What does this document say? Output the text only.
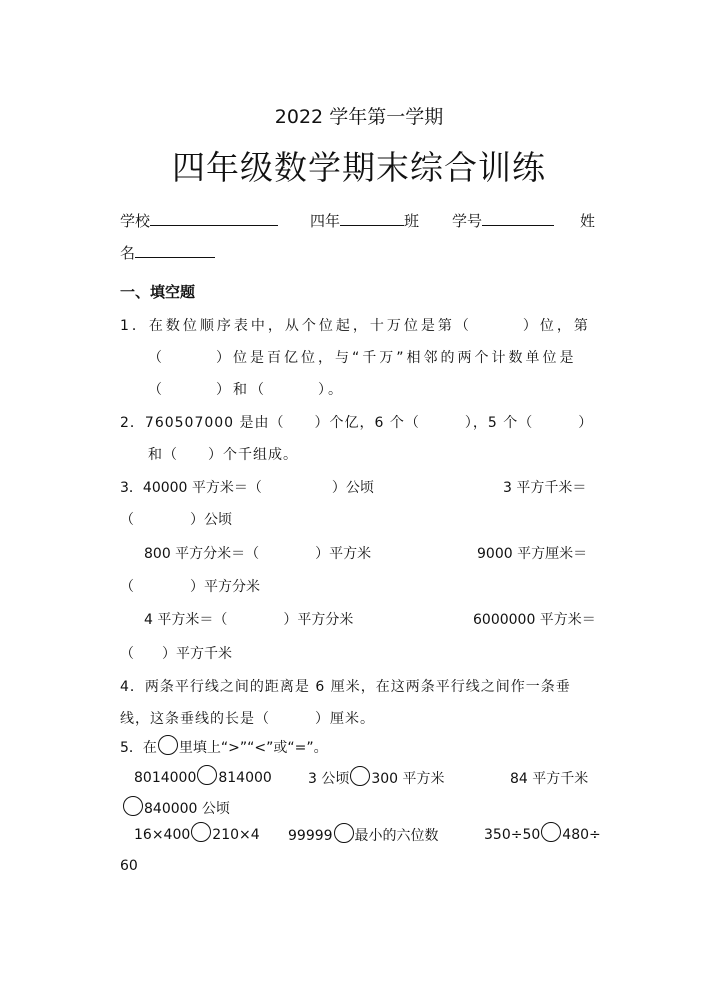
2022 学年第一学期
四年级数学期末综合训练
学校	四年	班 学号	姓
名
一、填空题
1．在数位顺序表中，从个位起，十万位是第（　　　）位，第
（　　　）位是百亿位，与“千万”相邻的两个计数单位是
（　　　）和（　　　）。
2．760507000 是由（　　）个亿，6 个（　　　），5 个（　　　）
和（　　）个千组成。
3．40000 平方米＝（　　　　　）公顷	3 平方千米＝
（　　　　）公顷
800 平方分米＝（　　　　）平方米	9000 平方厘米＝
（　　　　）平方分米
4 平方米＝（　　　　）平方分米	6000000 平方米＝
（　　）平方千米
4．两条平行线之间的距离是 6 厘米，在这两条平行线之间作一条垂
线，这条垂线的长是（　　　）厘米。
5．在 里填上“>”“<”或“=”。
8014000 814000	3 公顷 300 平方米	84 平方千米
840000 公顷
16×400 210×4 99999 最小的六位数	350÷50 480÷
60
